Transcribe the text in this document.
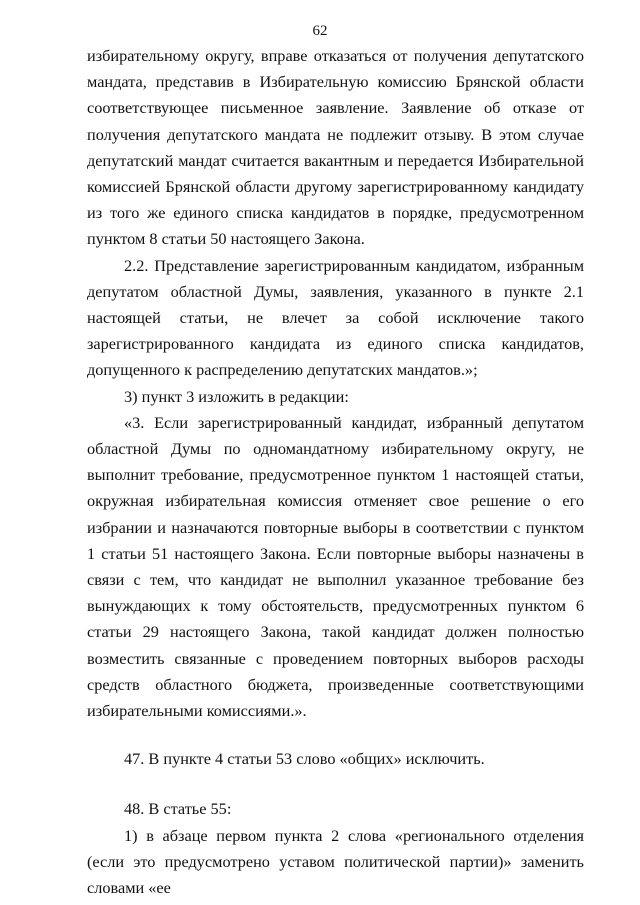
62

избирательному округу, вправе отказаться от получения депутатского мандата, представив в Избирательную комиссию Брянской области соответствующее письменное заявление. Заявление об отказе от получения депутатского мандата не подлежит отзыву. В этом случае депутатский мандат считается вакантным и передается Избирательной комиссией Брянской области другому зарегистрированному кандидату из того же единого списка кандидатов в порядке, предусмотренном пунктом 8 статьи 50 настоящего Закона.

2.2. Представление зарегистрированным кандидатом, избранным депутатом областной Думы, заявления, указанного в пункте 2.1 настоящей статьи, не влечет за собой исключение такого зарегистрированного кандидата из единого списка кандидатов, допущенного к распределению депутатских мандатов.»;

3) пункт 3 изложить в редакции:

«3. Если зарегистрированный кандидат, избранный депутатом областной Думы по одномандатному избирательному округу, не выполнит требование, предусмотренное пунктом 1 настоящей статьи, окружная избирательная комиссия отменяет свое решение о его избрании и назначаются повторные выборы в соответствии с пунктом 1 статьи 51 настоящего Закона. Если повторные выборы назначены в связи с тем, что кандидат не выполнил указанное требование без вынуждающих к тому обстоятельств, предусмотренных пунктом 6 статьи 29 настоящего Закона, такой кандидат должен полностью возместить связанные с проведением повторных выборов расходы средств областного бюджета, произведенные соответствующими избирательными комиссиями.».

47. В пункте 4 статьи 53 слово «общих» исключить.

48. В статье 55:

1) в абзаце первом пункта 2 слова «регионального отделения (если это предусмотрено уставом политической партии)» заменить словами «ее
